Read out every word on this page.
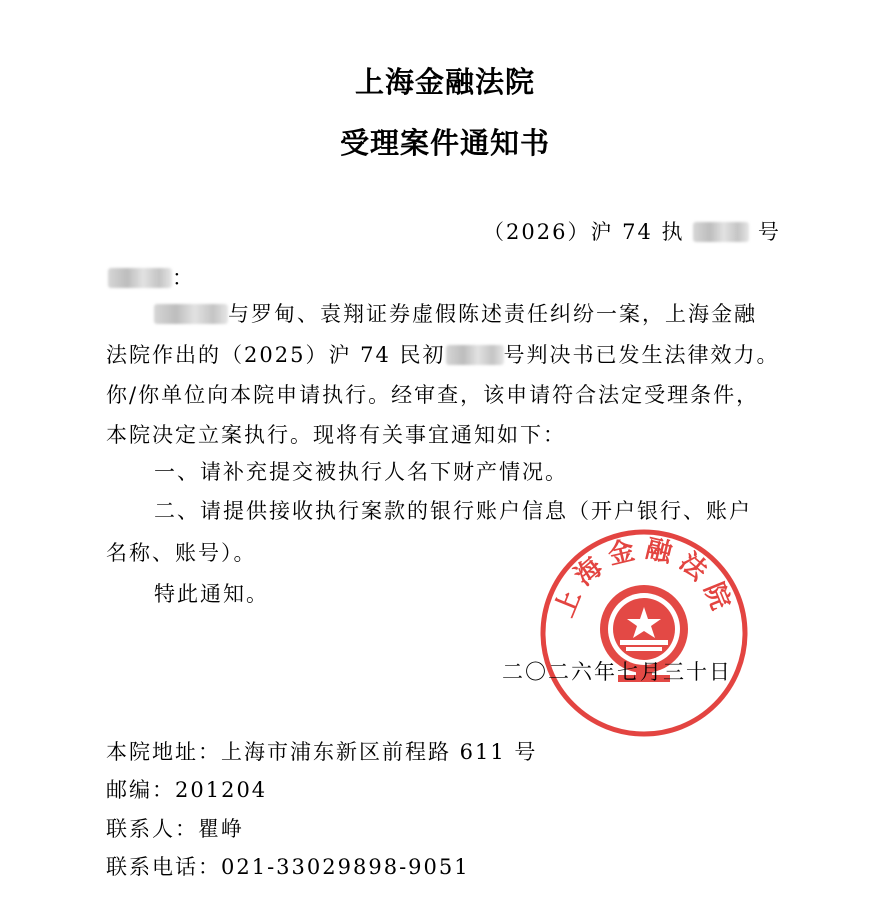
上海金融法院
受理案件通知书
（2026）沪 74 执	号
：
与罗甸、袁翔证券虚假陈述责任纠纷一案，上海金融
法院作出的（2025）沪 74 民初	号判决书已发生法律效力。
你/你单位向本院申请执行。经审查，该申请符合法定受理条件，
本院决定立案执行。现将有关事宜通知如下：
一、请补充提交被执行人名下财产情况。
二、请提供接收执行案款的银行账户信息（开户银行、账户
名称、账号）。
特此通知。	上海金融法院
二〇二六年七月三十日
本院地址：上海市浦东新区前程路 611 号
邮编：201204
联系人：瞿峥
联系电话：021-33029898-9051
